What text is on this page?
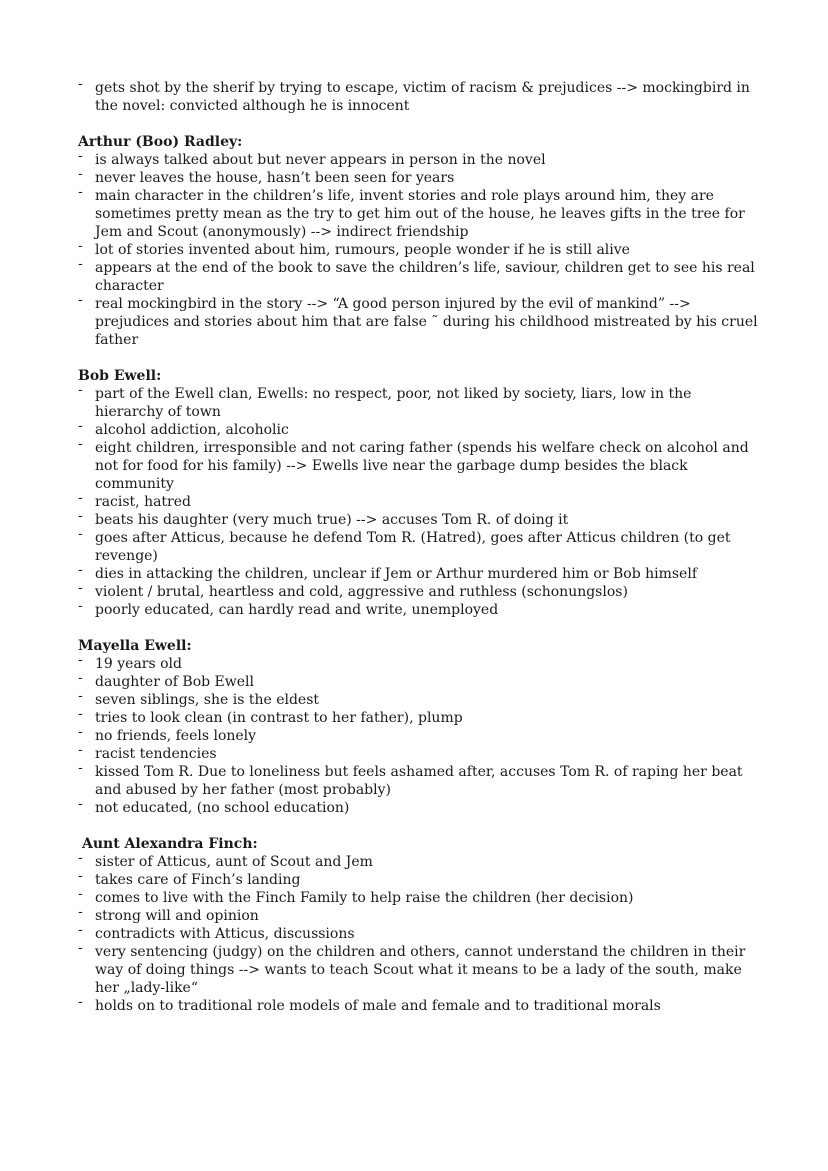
- gets shot by the sherif by trying to escape, victim of racism & prejudices --> mockingbird in the novel: convicted although he is innocent
Arthur (Boo) Radley:
- is always talked about but never appears in person in the novel
- never leaves the house, hasn’t been seen for years
- main character in the children’s life, invent stories and role plays around him, they are sometimes pretty mean as the try to get him out of the house, he leaves gifts in the tree for Jem and Scout (anonymously) --> indirect friendship
- lot of stories invented about him, rumours, people wonder if he is still alive
- appears at the end of the book to save the children’s life, saviour, children get to see his real character
- real mockingbird in the story --> “A good person injured by the evil of mankind” --> prejudices and stories about him that are false ˜ during his childhood mistreated by his cruel father
Bob Ewell:
- part of the Ewell clan, Ewells: no respect, poor, not liked by society, liars, low in the hierarchy of town
- alcohol addiction, alcoholic
- eight children, irresponsible and not caring father (spends his welfare check on alcohol and not for food for his family) --> Ewells live near the garbage dump besides the black community
- racist, hatred
- beats his daughter (very much true) --> accuses Tom R. of doing it
- goes after Atticus, because he defend Tom R. (Hatred), goes after Atticus children (to get revenge)
- dies in attacking the children, unclear if Jem or Arthur murdered him or Bob himself
- violent / brutal, heartless and cold, aggressive and ruthless (schonungslos)
- poorly educated, can hardly read and write, unemployed
Mayella Ewell:
- 19 years old
- daughter of Bob Ewell
- seven siblings, she is the eldest
- tries to look clean (in contrast to her father), plump
- no friends, feels lonely
- racist tendencies
- kissed Tom R. Due to loneliness but feels ashamed after, accuses Tom R. of raping her beat and abused by her father (most probably)
- not educated, (no school education)
Aunt Alexandra Finch:
- sister of Atticus, aunt of Scout and Jem
- takes care of Finch’s landing
- comes to live with the Finch Family to help raise the children (her decision)
- strong will and opinion
- contradicts with Atticus, discussions
- very sentencing (judgy) on the children and others, cannot understand the children in their way of doing things --> wants to teach Scout what it means to be a lady of the south, make her „lady-like“
- holds on to traditional role models of male and female and to traditional morals
